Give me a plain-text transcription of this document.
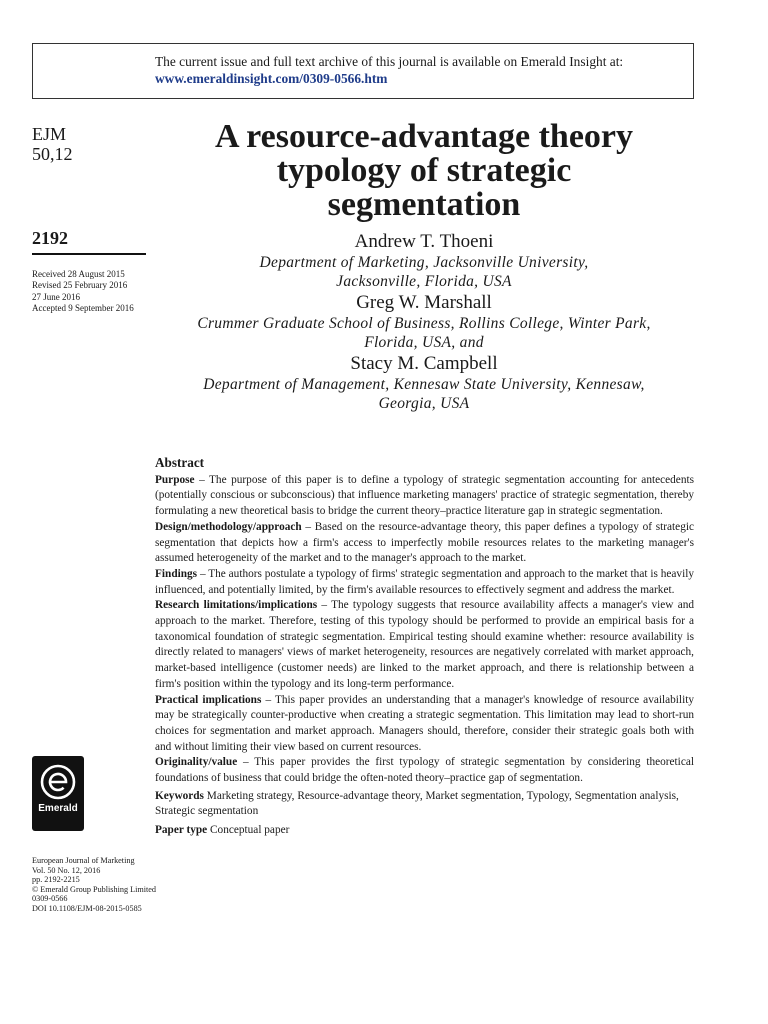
The current issue and full text archive of this journal is available on Emerald Insight at:
www.emeraldinsight.com/0309-0566.htm
EJM
50,12
2192
Received 28 August 2015
Revised 25 February 2016
27 June 2016
Accepted 9 September 2016
Emerald
European Journal of Marketing
Vol. 50 No. 12, 2016
pp. 2192-2215
© Emerald Group Publishing Limited
0309-0566
DOI 10.1108/EJM-08-2015-0585
A resource-advantage theory
typology of strategic
segmentation
Andrew T. Thoeni
Department of Marketing, Jacksonville University,
Jacksonville, Florida, USA
Greg W. Marshall
Crummer Graduate School of Business, Rollins College, Winter Park,
Florida, USA, and
Stacy M. Campbell
Department of Management, Kennesaw State University, Kennesaw,
Georgia, USA
Abstract

Purpose – The purpose of this paper is to define a typology of strategic segmentation accounting for antecedents (potentially conscious or subconscious) that influence marketing managers' practice of strategic segmentation, thereby formulating a new theoretical basis to bridge the current theory–practice literature gap in strategic segmentation.

Design/methodology/approach – Based on the resource-advantage theory, this paper defines a typology of strategic segmentation that depicts how a firm's access to imperfectly mobile resources relates to the marketing manager's assumed heterogeneity of the market and to the manager's approach to the market.

Findings – The authors postulate a typology of firms' strategic segmentation and approach to the market that is heavily influenced, and potentially limited, by the firm's available resources to effectively segment and address the market.

Research limitations/implications – The typology suggests that resource availability affects a manager's view and approach to the market. Therefore, testing of this typology should be performed to provide an empirical basis for a taxonomical foundation of strategic segmentation. Empirical testing should examine whether: resource availability is directly related to managers' views of market heterogeneity, resources are negatively correlated with market approach, market-based intelligence (customer needs) are linked to the market approach, and there is relationship between a firm's position within the typology and its long-term performance.

Practical implications – This paper provides an understanding that a manager's knowledge of resource availability may be strategically counter-productive when creating a strategic segmentation. This limitation may lead to short-run choices for segmentation and market approach. Managers should, therefore, consider their strategic goals both with and without limiting their view based on current resources.

Originality/value – This paper provides the first typology of strategic segmentation by considering theoretical foundations of business that could bridge the often-noted theory–practice gap of segmentation.

Keywords Marketing strategy, Resource-advantage theory, Market segmentation, Typology, Segmentation analysis, Strategic segmentation

Paper type Conceptual paper
